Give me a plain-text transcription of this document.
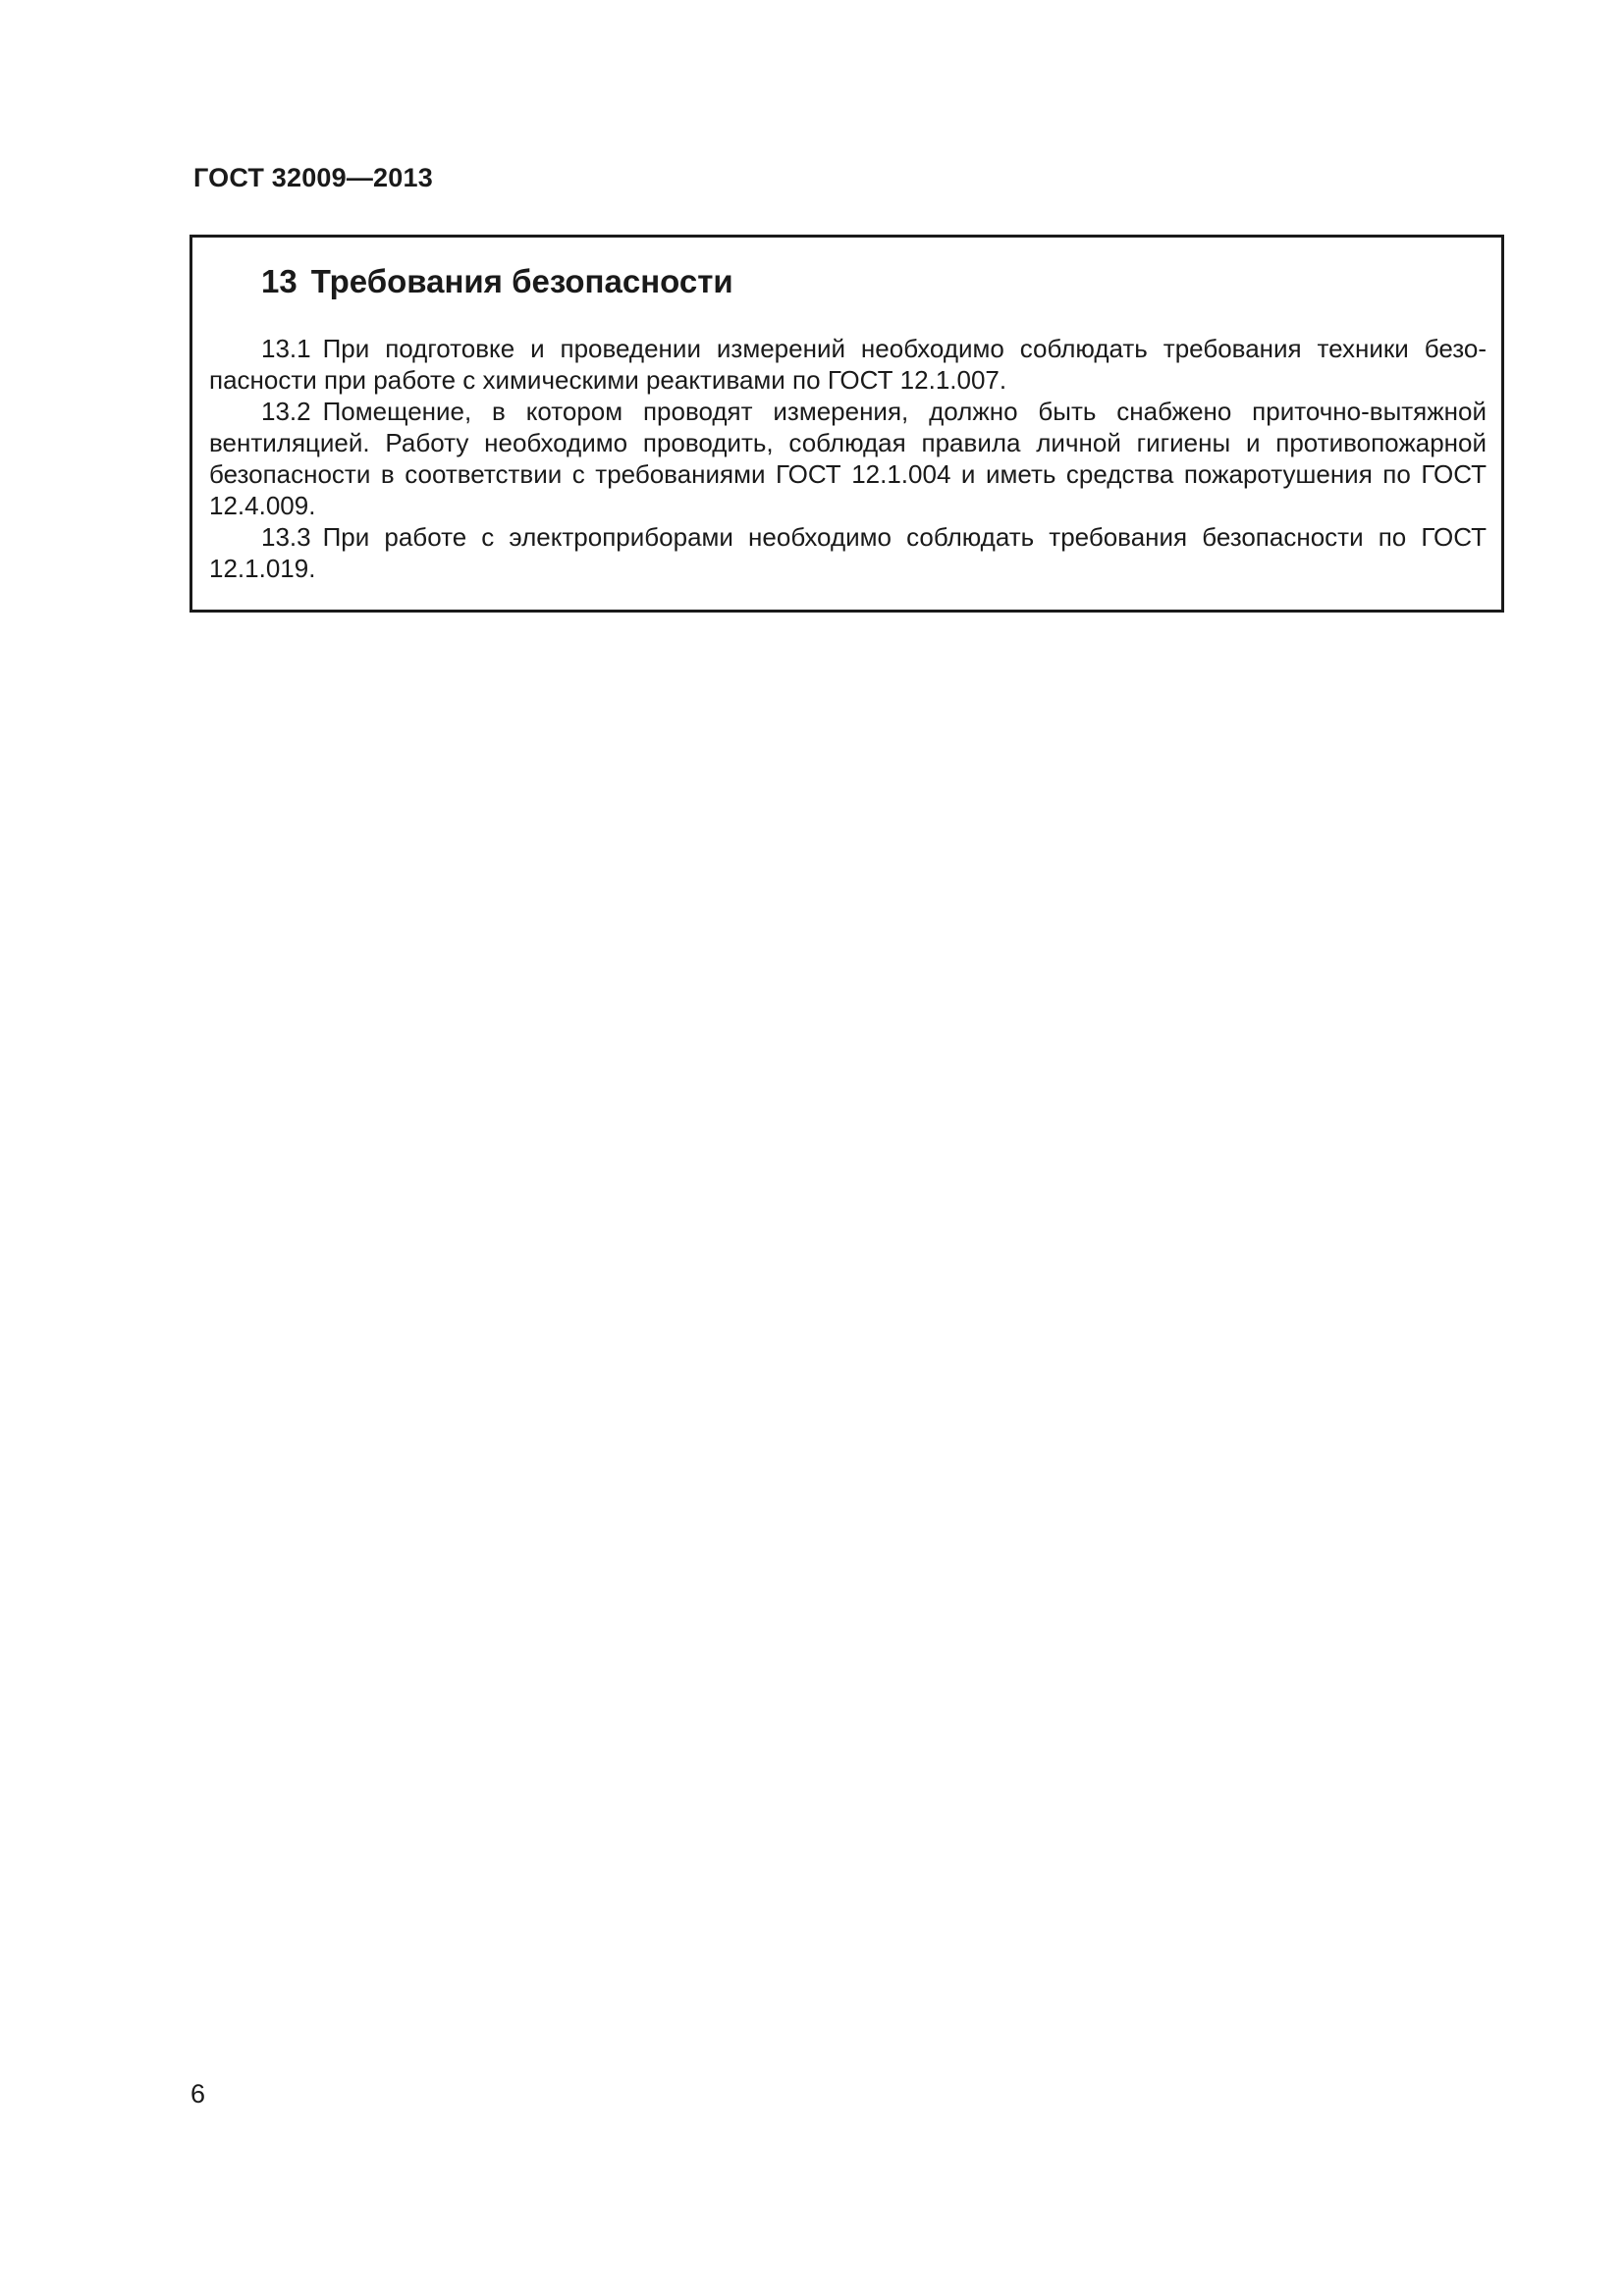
ГОСТ 32009—2013
13 Требования безопасности

13.1 При подготовке и проведении измерений необходимо соблюдать требования техники безопасности при работе с химическими реактивами по ГОСТ 12.1.007.

13.2 Помещение, в котором проводят измерения, должно быть снабжено приточно-вытяжной вентиляцией. Работу необходимо проводить, соблюдая правила личной гигиены и противопожарной безопасности в соответствии с требованиями ГОСТ 12.1.004 и иметь средства пожаротушения по ГОСТ 12.4.009.

13.3 При работе с электроприборами необходимо соблюдать требования безопасности по ГОСТ 12.1.019.

6
